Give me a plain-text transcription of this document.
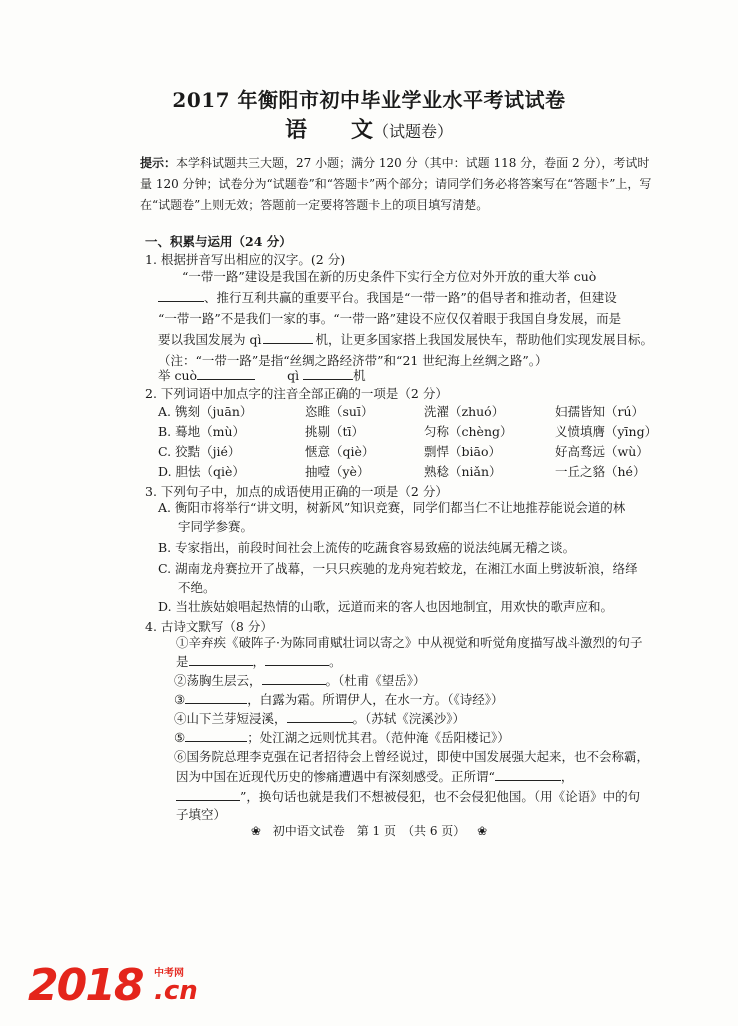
2017 年衡阳市初中毕业学业水平考试试卷
语　　文（试题卷）
提示：本学科试题共三大题，27 小题；满分 120 分（其中：试题 118 分，卷面 2 分），考试时量 120 分钟；试卷分为“试题卷”和“答题卡”两个部分；请同学们务必将答案写在“答题卡”上，写在“试题卷”上则无效；答题前一定要将答题卡上的项目填写清楚。
一、积累与运用（24 分）
1. 根据拼音写出相应的汉字。(2 分)
“一带一路”建设是我国在新的历史条件下实行全方位对外开放的重大举 cuò
、推行互利共赢的重要平台。我国是“一带一路”的倡导者和推动者，但建设
“一带一路”不是我们一家的事。“一带一路”建设不应仅仅着眼于我国自身发展，而是
要以我国发展为 qì	机，让更多国家搭上我国发展快车，帮助他们实现发展目标。
（注：“一带一路”是指“丝绸之路经济带”和“21 世纪海上丝绸之路”。）
举 cuò	qì	机
2. 下列词语中加点字的注音全部正确的一项是（2 分）
A. 镌刻（juān）	恣睢（suī）	洗濯（zhuó）	妇孺皆知（rú）
B. 蓦地（mù）	挑剔（tī）	匀称（chèng）	义愤填膺（yīng）
C. 狡黠（jié）	惬意（qiè）	剽悍（biāo）	好高骛远（wù）
D. 胆怯（qiè）	抽噎（yè）	熟稔（niǎn）	一丘之貉（hé）
3. 下列句子中，加点的成语使用正确的一项是（2 分）
A. 衡阳市将举行“讲文明，树新风”知识竞赛，同学们都当仁不让地推荐能说会道的林
宇同学参赛。
B. 专家指出，前段时间社会上流传的吃蔬食容易致癌的说法纯属无稽之谈。
C. 湖南龙舟赛拉开了战幕，一只只疾驰的龙舟宛若蛟龙，在湘江水面上劈波斩浪，络绎
不绝。
D. 当壮族姑娘唱起热情的山歌，远道而来的客人也因地制宜，用欢快的歌声应和。
4. 古诗文默写（8 分）
①辛弃疾《破阵子·为陈同甫赋壮词以寄之》中从视觉和听觉角度描写战斗激烈的句子
是	，	。
②荡胸生层云，	。（杜甫《望岳》）
③	，白露为霜。所谓伊人，在水一方。（《诗经》）
④山下兰芽短浸溪，	。（苏轼《浣溪沙》）
⑤	；处江湖之远则忧其君。（范仲淹《岳阳楼记》）
⑥国务院总理李克强在记者招待会上曾经说过，即使中国发展强大起来，也不会称霸，
因为中国在近现代历史的惨痛遭遇中有深刻感受。正所谓“	，
”，换句话也就是我们不想被侵犯，也不会侵犯他国。（用《论语》中的句
子填空）
❀ 初中语文试卷　第 1 页　（共 6 页） ❀
2018 中考网
.cn
